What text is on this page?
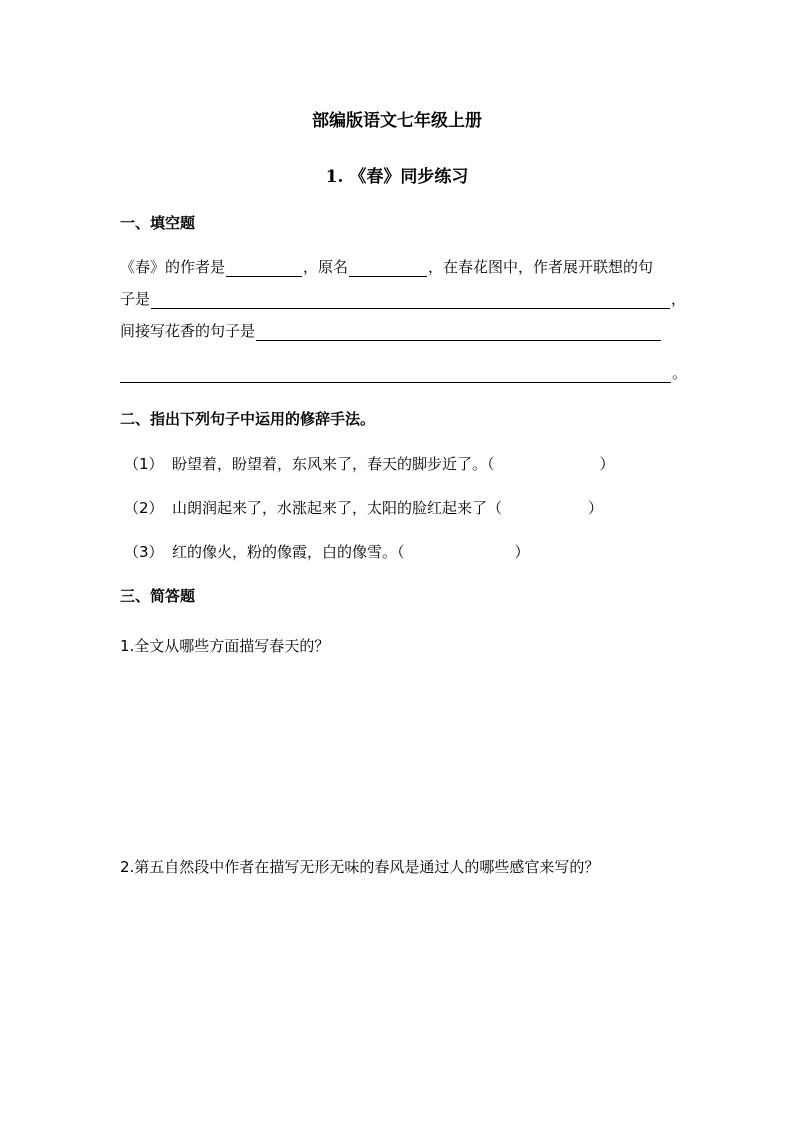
部编版语文七年级上册
1. 《春》同步练习
一、填空题
《春》的作者是	，原名	，在春花图中，作者展开联想的句
子是	，
间接写花香的句子是
。
二、指出下列句子中运用的修辞手法。
（1） 盼望着，盼望着，东风来了，春天的脚步近了。（	）
（2） 山朗润起来了，水涨起来了，太阳的脸红起来了（	）
（3） 红的像火，粉的像霞，白的像雪。（	）
三、简答题
1.全文从哪些方面描写春天的？
2.第五自然段中作者在描写无形无味的春风是通过人的哪些感官来写的？
